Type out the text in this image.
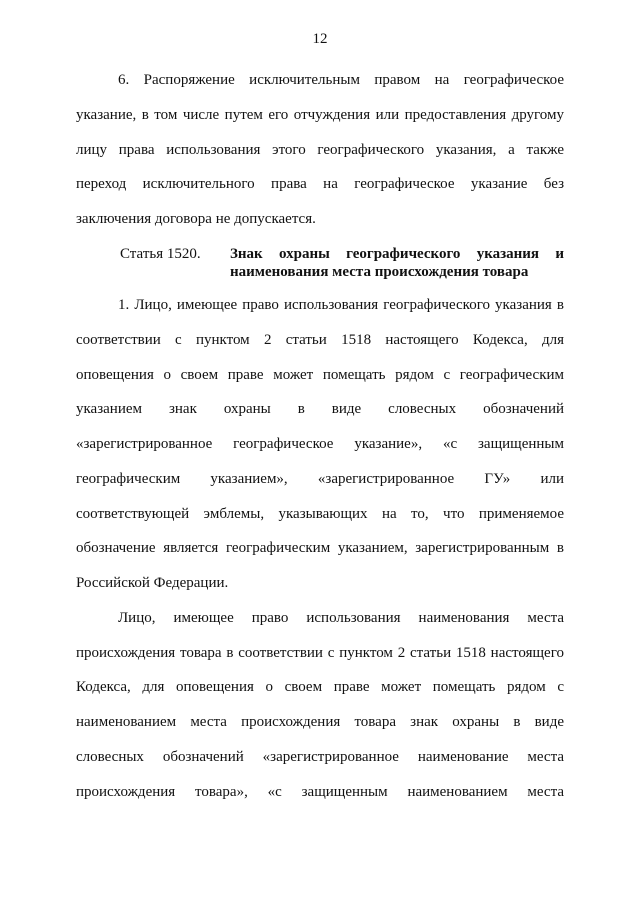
12
6. Распоряжение исключительным правом на географическое
указание, в том числе путем его отчуждения или предоставления другому
лицу права использования этого географического указания, а также
переход исключительного права на географическое указание без
заключения договора не допускается.
Статья 1520. Знак охраны географического указания и
наименования места происхождения товара
1. Лицо, имеющее право использования географического указания в
соответствии с пунктом 2 статьи 1518 настоящего Кодекса, для
оповещения о своем праве может помещать рядом с географическим
указанием знак охраны в виде словесных обозначений
«зарегистрированное географическое указание», «с защищенным
географическим указанием», «зарегистрированное ГУ» или
соответствующей эмблемы, указывающих на то, что применяемое
обозначение является географическим указанием, зарегистрированным в
Российской Федерации.
Лицо, имеющее право использования наименования места
происхождения товара в соответствии с пунктом 2 статьи 1518 настоящего
Кодекса, для оповещения о своем праве может помещать рядом с
наименованием места происхождения товара знак охраны в виде
словесных обозначений «зарегистрированное наименование места
происхождения товара», «с защищенным наименованием места
